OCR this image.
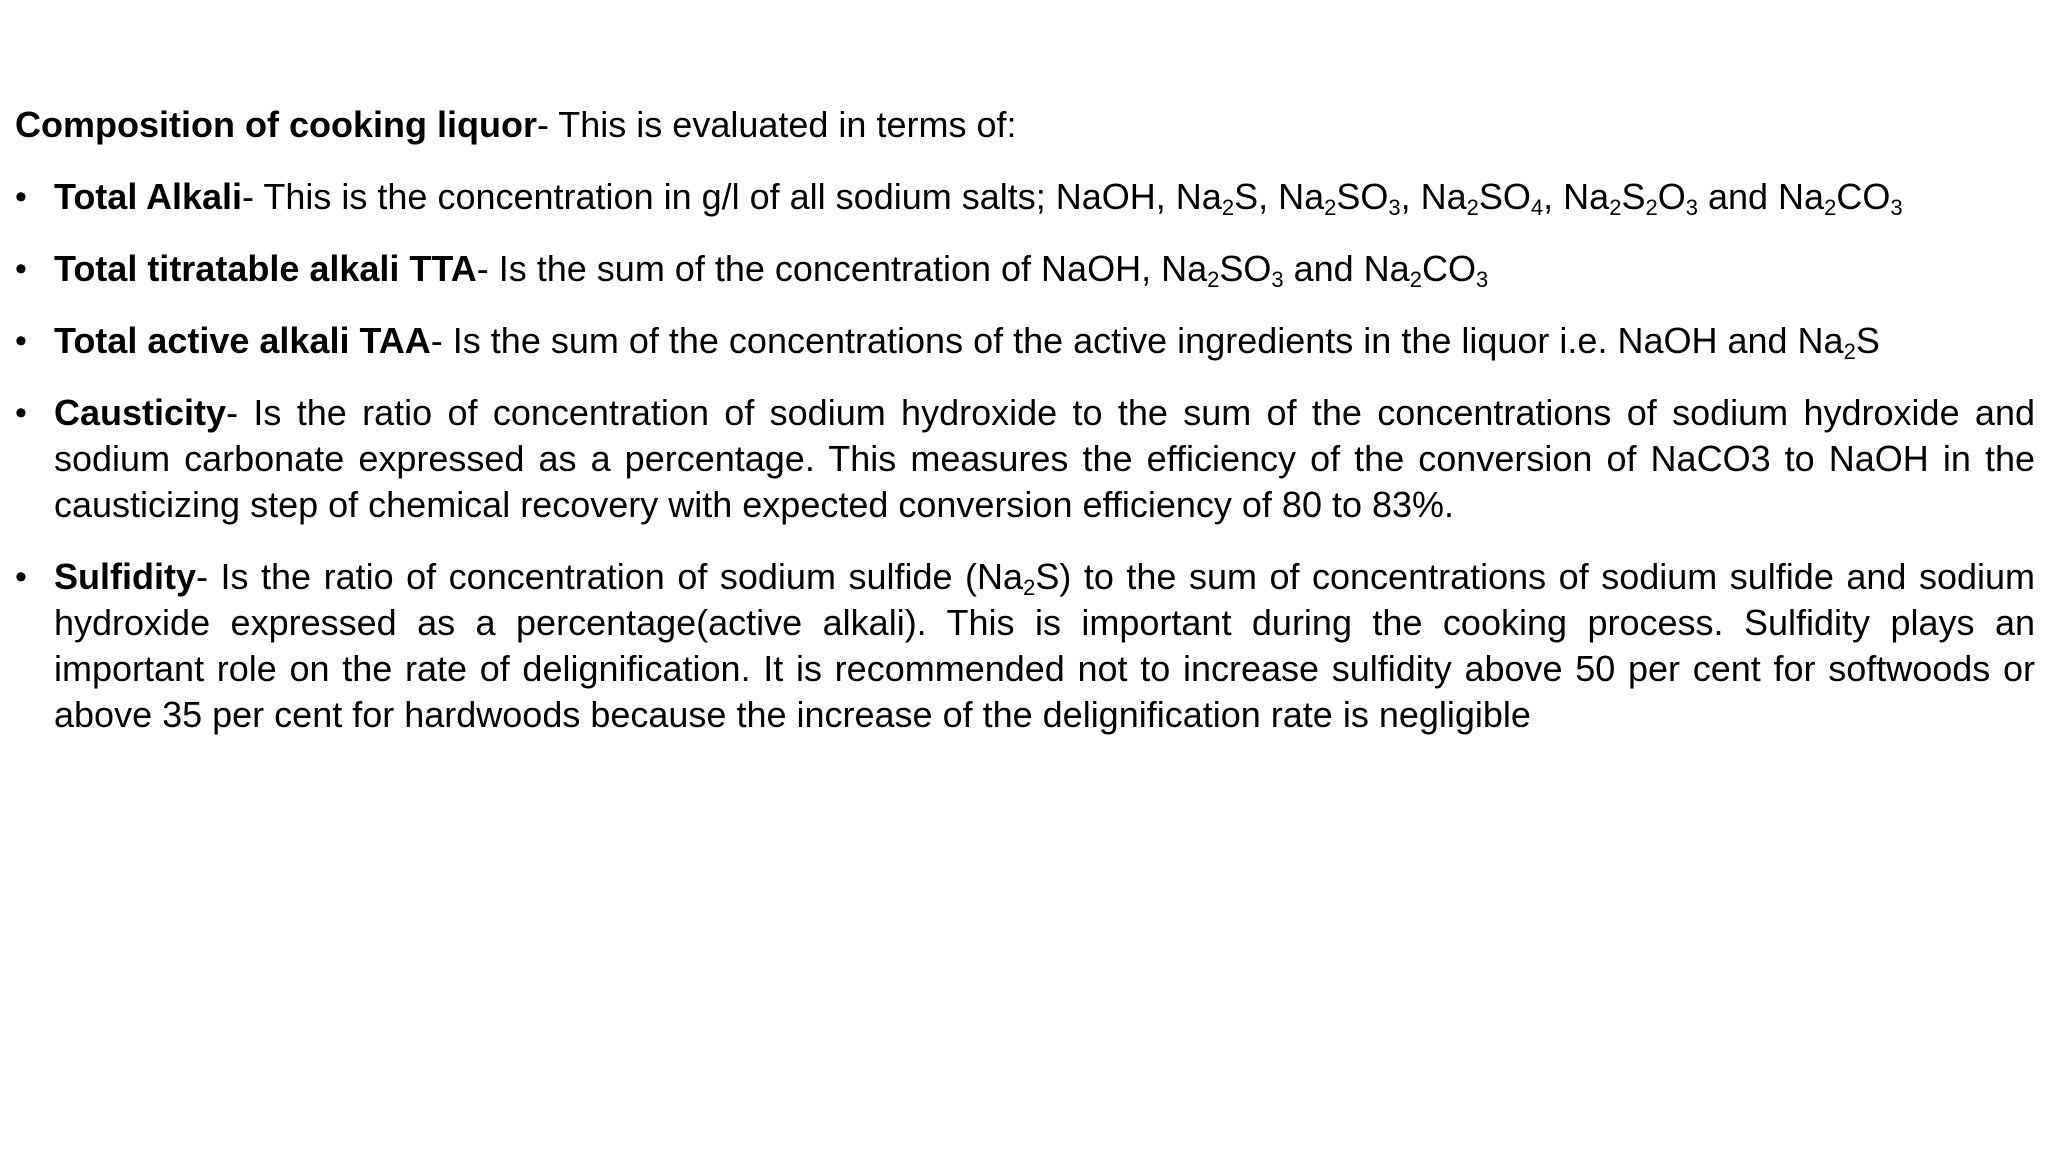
Composition of cooking liquor- This is evaluated in terms of:
• Total Alkali- This is the concentration in g/l of all sodium salts; NaOH, $Na_2S$, $Na_2SO_3$, $Na_2SO_4$, $Na_2S_2O_3$ and $Na_2CO_3$
• Total titratable alkali TTA- Is the sum of the concentration of NaOH, $Na_2SO_3$ and $Na_2CO_3$
• Total active alkali TAA- Is the sum of the concentrations of the active ingredients in the liquor i.e. NaOH and $Na_2S$
• Causticity- Is the ratio of concentration of sodium hydroxide to the sum of the concentrations of sodium hydroxide and sodium carbonate expressed as a percentage. This measures the efficiency of the conversion of NaCO3 to NaOH in the causticizing step of chemical recovery with expected conversion efficiency of 80 to 83%.
• Sulfidity- Is the ratio of concentration of sodium sulfide $(Na_2S)$ to the sum of concentrations of sodium sulfide and sodium hydroxide expressed as a percentage(active alkali). This is important during the cooking process. Sulfidity plays an important role on the rate of delignification. It is recommended not to increase sulfidity above 50 per cent for softwoods or above 35 per cent for hardwoods because the increase of the delignification rate is negligible
